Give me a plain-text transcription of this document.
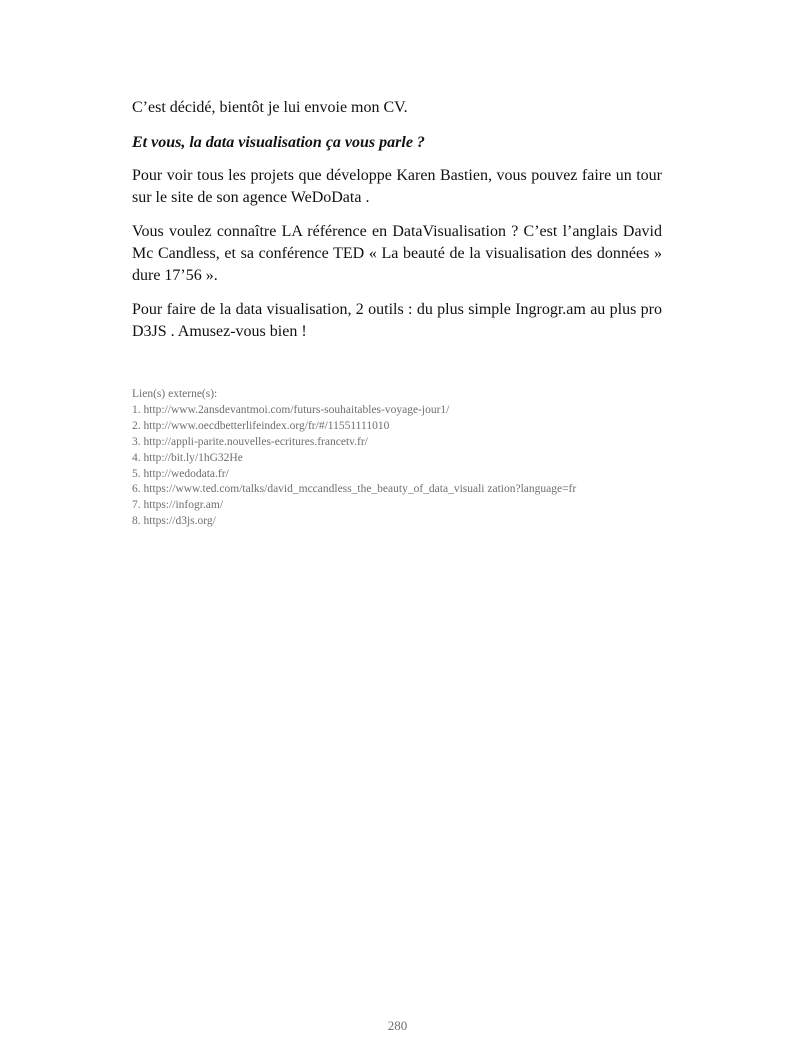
C’est décidé, bientôt je lui envoie mon CV.

Et vous, la data visualisation ça vous parle ?

Pour voir tous les projets que développe Karen Bastien, vous pouvez faire un tour sur le site de son agence WeDoData .

Vous voulez connaître LA référence en DataVisualisation ? C’est l’anglais David Mc Candless, et sa conférence TED « La beauté de la visualisation des données » dure 17’56 ».

Pour faire de la data visualisation, 2 outils : du plus simple Ingrogr.am au plus pro D3JS . Amusez-vous bien !

Lien(s) externe(s):
1. http://www.2ansdevantmoi.com/futurs-souhaitables-voyage-jour1/
2. http://www.oecdbetterlifeindex.org/fr/#/11551111010
3. http://appli-parite.nouvelles-ecritures.francetv.fr/
4. http://bit.ly/1hG32He
5. http://wedodata.fr/
6. https://www.ted.com/talks/david_mccandless_the_beauty_of_data_visuali zation?language=fr
7. https://infogr.am/
8. https://d3js.org/
280
